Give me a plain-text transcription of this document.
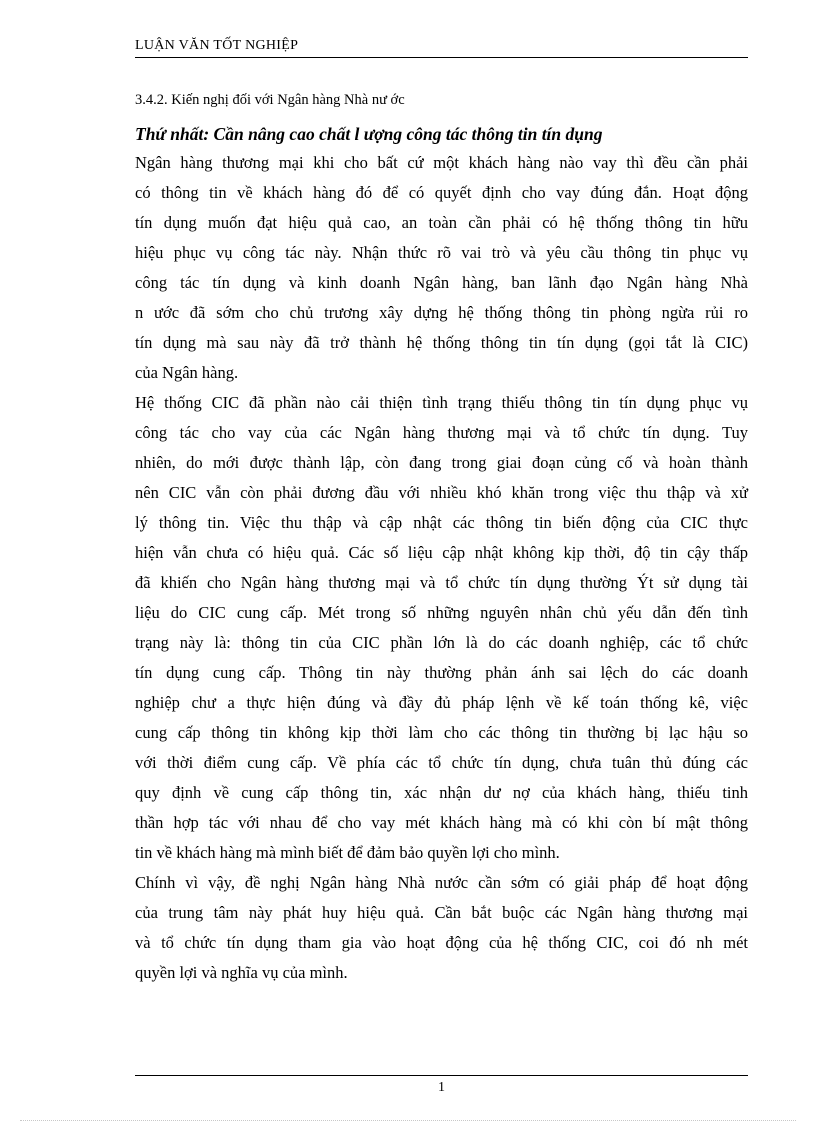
LUẬN VĂN TỐT NGHIỆP
3.4.2. Kiến nghị đối với Ngân hàng Nhà nư ớc
Thứ nhất: Cần nâng cao chất l ượng công tác thông tin tín dụng
Ngân hàng thương mại khi cho bất cứ một khách hàng nào vay thì đều cần phải
có thông tin về khách hàng đó để có quyết định cho vay đúng đắn. Hoạt động
tín dụng muốn đạt hiệu quả cao, an toàn cần phải có hệ thống thông tin hữu
hiệu phục vụ công tác này. Nhận thức rõ vai trò và yêu cầu thông tin phục vụ
công tác tín dụng và kinh doanh Ngân hàng, ban lãnh đạo Ngân hàng Nhà
n ước đã sớm cho chủ trương xây dựng hệ thống thông tin phòng ngừa rủi ro
tín dụng mà sau này đã trở thành hệ thống thông tin tín dụng (gọi tắt là CIC)
của Ngân hàng.
Hệ thống CIC đã phần nào cải thiện tình trạng thiếu thông tin tín dụng phục vụ
công tác cho vay của các Ngân hàng thương mại và tổ chức tín dụng. Tuy
nhiên, do mới được thành lập, còn đang trong giai đoạn củng cố và hoàn thành
nên CIC vẫn còn phải đương đầu với nhiều khó khăn trong việc thu thập và xử
lý thông tin. Việc thu thập và cập nhật các thông tin biến động của CIC thực
hiện vẫn chưa có hiệu quả. Các số liệu cập nhật không kịp thời, độ tin cậy thấp
đã khiến cho Ngân hàng thương mại và tổ chức tín dụng thường Ýt sử dụng tài
liệu do CIC cung cấp. Mét trong số những nguyên nhân chủ yếu dẫn đến tình
trạng này là: thông tin của CIC phần lớn là do các doanh nghiệp, các tổ chức
tín dụng cung cấp. Thông tin này thường phản ánh sai lệch do các doanh
nghiệp chư a thực hiện đúng và đầy đủ pháp lệnh về kế toán thống kê, việc
cung cấp thông tin không kịp thời làm cho các thông tin thường bị lạc hậu so
với thời điểm cung cấp. Về phía các tổ chức tín dụng, chưa tuân thủ đúng các
quy định về cung cấp thông tin, xác nhận dư nợ của khách hàng, thiếu tinh
thần hợp tác với nhau để cho vay mét khách hàng mà có khi còn bí mật thông
tin về khách hàng mà mình biết để đảm bảo quyền lợi cho mình.
Chính vì vậy, đề nghị Ngân hàng Nhà nước cần sớm có giải pháp để hoạt động
của trung tâm này phát huy hiệu quả. Cần bắt buộc các Ngân hàng thương mại
và tổ chức tín dụng tham gia vào hoạt động của hệ thống CIC, coi đó nh mét
quyền lợi và nghĩa vụ của mình.
1
